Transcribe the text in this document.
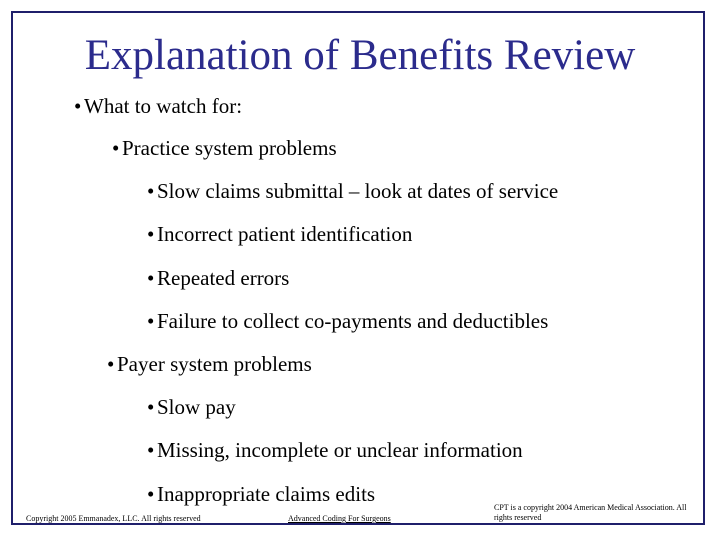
Explanation of Benefits Review
• What to watch for:
• Practice system problems
• Slow claims submittal – look at dates of service
• Incorrect patient identification
• Repeated errors
• Failure to collect co-payments and deductibles
• Payer system problems
• Slow pay
• Missing, incomplete or unclear information
• Inappropriate claims edits
Copyright 2005 Emmanadex, LLC. All rights reserved	Advanced Coding For Surgeons
CPT is a copyright 2004 American Medical Association. All rights reserved
